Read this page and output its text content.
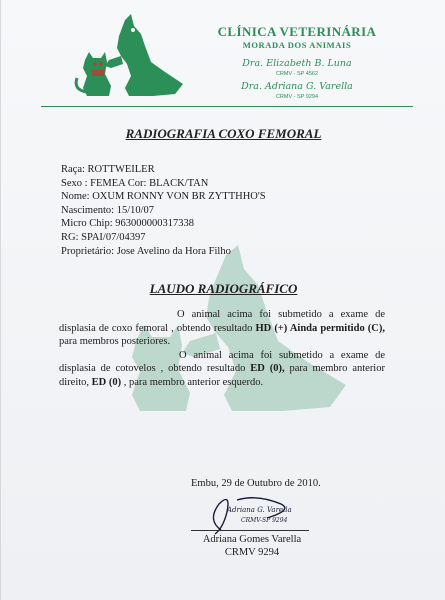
CLÍNICA VETERINÁRIA
MORADA DOS ANIMAIS
Dra. Elizabeth B. Luna
CRMV - SP 4562
Dra. Adriana G. Varella
CRMV - SP 9294
RADIOGRAFIA COXO FEMORAL
Raça: ROTTWEILER
Sexo : FEMEA Cor: BLACK/TAN
Nome: OXUM RONNY VON BR ZYTTHHO'S
Nascimento: 15/10/07
Micro Chip: 963000000317338
RG: SPAI/07/04397
Proprietário: Jose Avelino da Hora Filho
LAUDO RADIOGRÁFICO

O animal acima foi submetido a exame de displasia de coxo femoral , obtendo resultado HD (+) Ainda permitido (C), para membros posteriores.

O animal acima foi submetido a exame de displasia de cotovelos , obtendo resultado ED (0), para membro anterior direito, ED (0) , para membro anterior esquerdo.

Embu, 29 de Outubro de 2010.
Adriana G. Varella
CRMV-SP 9294
Adriana Gomes Varella
CRMV 9294
